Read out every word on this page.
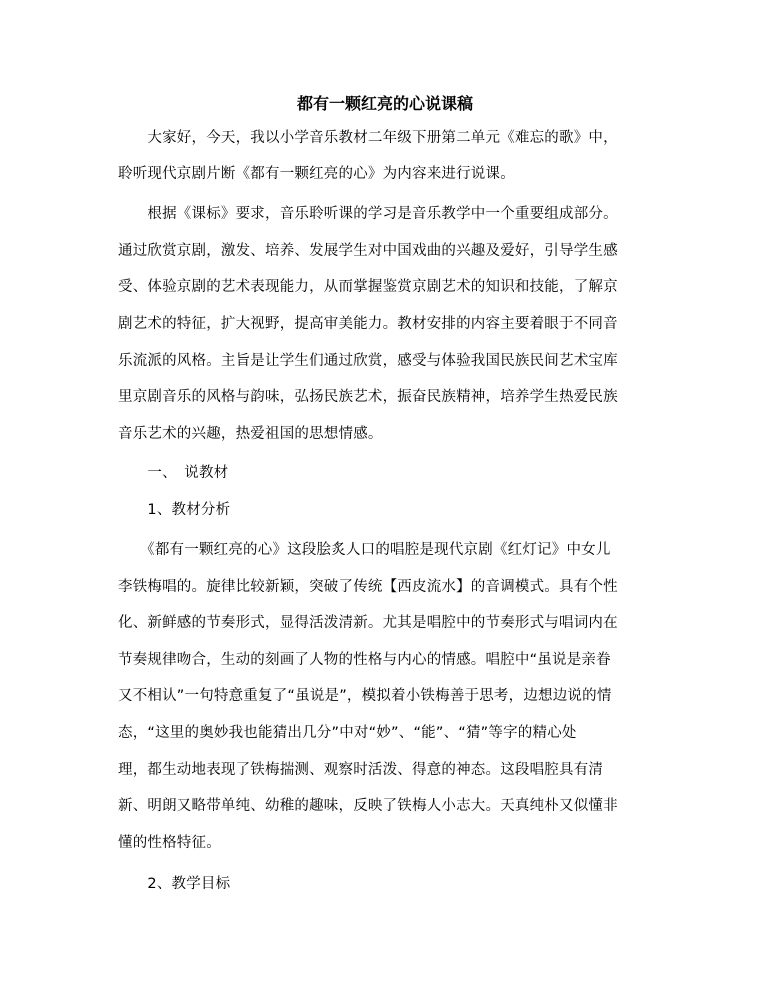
都有一颗红亮的心说课稿
　　大家好，今天，我以小学音乐教材二年级下册第二单元《难忘的歌》中，
聆听现代京剧片断《都有一颗红亮的心》为内容来进行说课。
　　根据《课标》要求，音乐聆听课的学习是音乐教学中一个重要组成部分。
通过欣赏京剧，激发、培养、发展学生对中国戏曲的兴趣及爱好，引导学生感
受、体验京剧的艺术表现能力，从而掌握鉴赏京剧艺术的知识和技能，了解京
剧艺术的特征，扩大视野，提高审美能力。教材安排的内容主要着眼于不同音
乐流派的风格。主旨是让学生们通过欣赏，感受与体验我国民族民间艺术宝库
里京剧音乐的风格与韵味，弘扬民族艺术，振奋民族精神，培养学生热爱民族
音乐艺术的兴趣，热爱祖国的思想情感。
　　一、　说教材
　　1、教材分析
　　《都有一颗红亮的心》这段脍炙人口的唱腔是现代京剧《红灯记》中女儿
李铁梅唱的。旋律比较新颖，突破了传统【西皮流水】的音调模式。具有个性
化、新鲜感的节奏形式，显得活泼清新。尤其是唱腔中的节奏形式与唱词内在
节奏规律吻合，生动的刻画了人物的性格与内心的情感。唱腔中“虽说是亲眷
又不相认”一句特意重复了“虽说是”，模拟着小铁梅善于思考，边想边说的情
态，“这里的奥妙我也能猜出几分”中对“妙”、“能”、“猜”等字的精心处
理，都生动地表现了铁梅揣测、观察时活泼、得意的神态。这段唱腔具有清
新、明朗又略带单纯、幼稚的趣味，反映了铁梅人小志大。天真纯朴又似懂非
懂的性格特征。
　　2、教学目标
